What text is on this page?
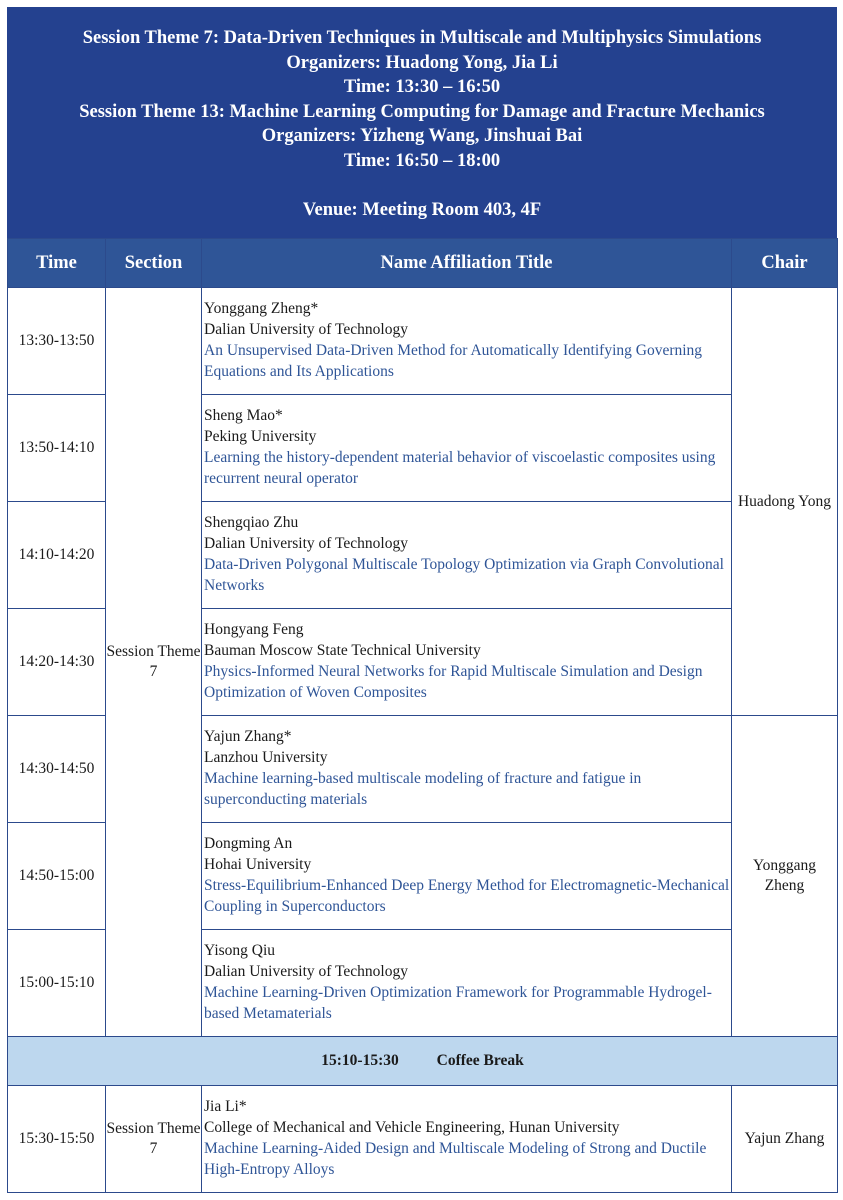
Session Theme 7: Data-Driven Techniques in Multiscale and Multiphysics Simulations
Organizers: Huadong Yong, Jia Li
Time: 13:30 – 16:50
Session Theme 13: Machine Learning Computing for Damage and Fracture Mechanics
Organizers: Yizheng Wang, Jinshuai Bai
Time: 16:50 – 18:00
Venue: Meeting Room 403, 4F
Time	Section	Name Affiliation Title	Chair
13:30-13:50	Session Theme 7	Yonggang Zheng*
Dalian University of Technology
An Unsupervised Data-Driven Method for Automatically Identifying Governing Equations and Its Applications	Huadong Yong
13:50-14:10		Sheng Mao*
Peking University
Learning the history-dependent material behavior of viscoelastic composites using recurrent neural operator	

14:10-14:20		Shengqiao Zhu
Dalian University of Technology
Data-Driven Polygonal Multiscale Topology Optimization via Graph Convolutional Networks	

14:20-14:30		Hongyang Feng
Bauman Moscow State Technical University
Physics-Informed Neural Networks for Rapid Multiscale Simulation and Design Optimization of Woven Composites	

14:30-14:50		Yajun Zhang*
Lanzhou University
Machine learning-based multiscale modeling of fracture and fatigue in superconducting materials	Yonggang Zheng
14:50-15:00		Dongming An
Hohai University
Stress-Equilibrium-Enhanced Deep Energy Method for Electromagnetic-Mechanical Coupling in Superconductors	

15:00-15:10		Yisong Qiu
Dalian University of Technology
Machine Learning-Driven Optimization Framework for Programmable Hydrogel-based Metamaterials	

15:10-15:30 Coffee Break			
15:30-15:50	Session Theme 7	Jia Li*
College of Mechanical and Vehicle Engineering, Hunan University
Machine Learning-Aided Design and Multiscale Modeling of Strong and Ductile High-Entropy Alloys	Yajun Zhang
